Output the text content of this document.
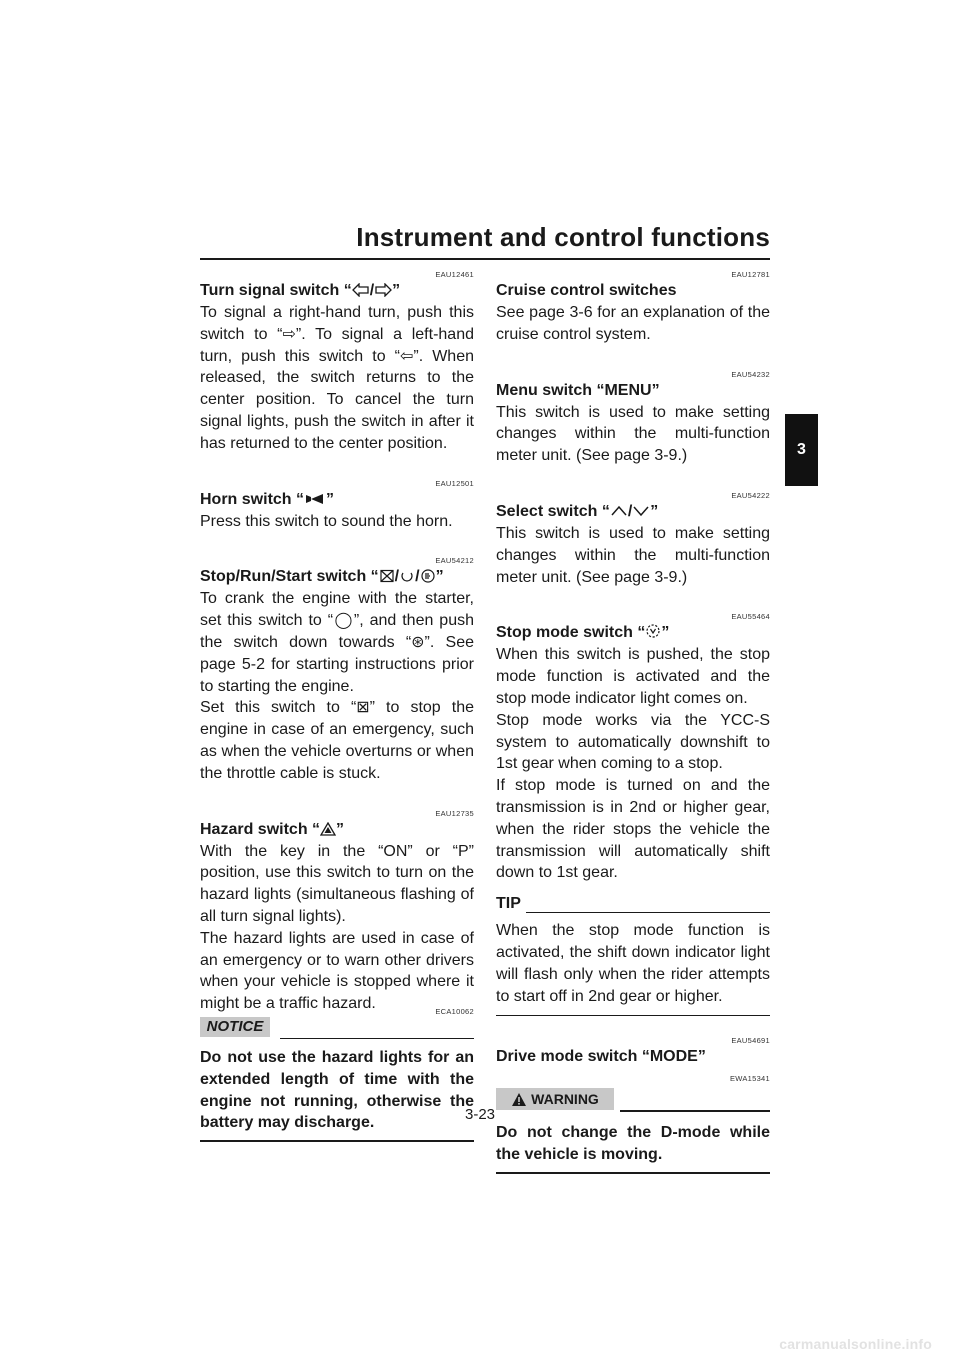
Instrument and control functions
3
EAU12461
Turn signal switch “ / ”
To signal a right-hand turn, push this switch to “⇨”. To signal a left-hand turn, push this switch to “⇦”. When released, the switch returns to the center position. To cancel the turn signal lights, push the switch in after it has returned to the center position.
EAU12501
Horn switch “ ”
Press this switch to sound the horn.
EAU54212
Stop/Run/Start switch “ / / ”

To crank the engine with the starter, set this switch to “◯”, and then push the switch down towards “⊛”. See page 5-2 for starting instructions prior to starting the engine.

Set this switch to “⊠” to stop the engine in case of an emergency, such as when the vehicle overturns or when the throttle cable is stuck.

EAU12735
Hazard switch “ ”

With the key in the “ON” or “P” position, use this switch to turn on the hazard lights (simultaneous flashing of all turn signal lights).

The hazard lights are used in case of an emergency or to warn other drivers when your vehicle is stopped where it might be a traffic hazard.

NOTICE
ECA10062
Do not use the hazard lights for an extended length of time with the engine not running, otherwise the battery may discharge.
EAU12781
Cruise control switches
See page 3-6 for an explanation of the cruise control system.
EAU54232
Menu switch “MENU”
This switch is used to make setting changes within the multi-function meter unit. (See page 3-9.)
EAU54222
Select switch “ / ”
This switch is used to make setting changes within the multi-function meter unit. (See page 3-9.)
EAU55464
Stop mode switch “ ”

When this switch is pushed, the stop mode function is activated and the stop mode indicator light comes on.

Stop mode works via the YCC-S system to automatically downshift to 1st gear when coming to a stop.

If stop mode is turned on and the transmission is in 2nd or higher gear, when the rider stops the vehicle the transmission will automatically shift down to 1st gear.

TIP
When the stop mode function is activated, the shift down indicator light will flash only when the rider attempts to start off in 2nd gear or higher.
EAU54691
Drive mode switch “MODE”
EWA15341
WARNING
Do not change the D-mode while the vehicle is moving.
3-23
carmanualsonline.info
